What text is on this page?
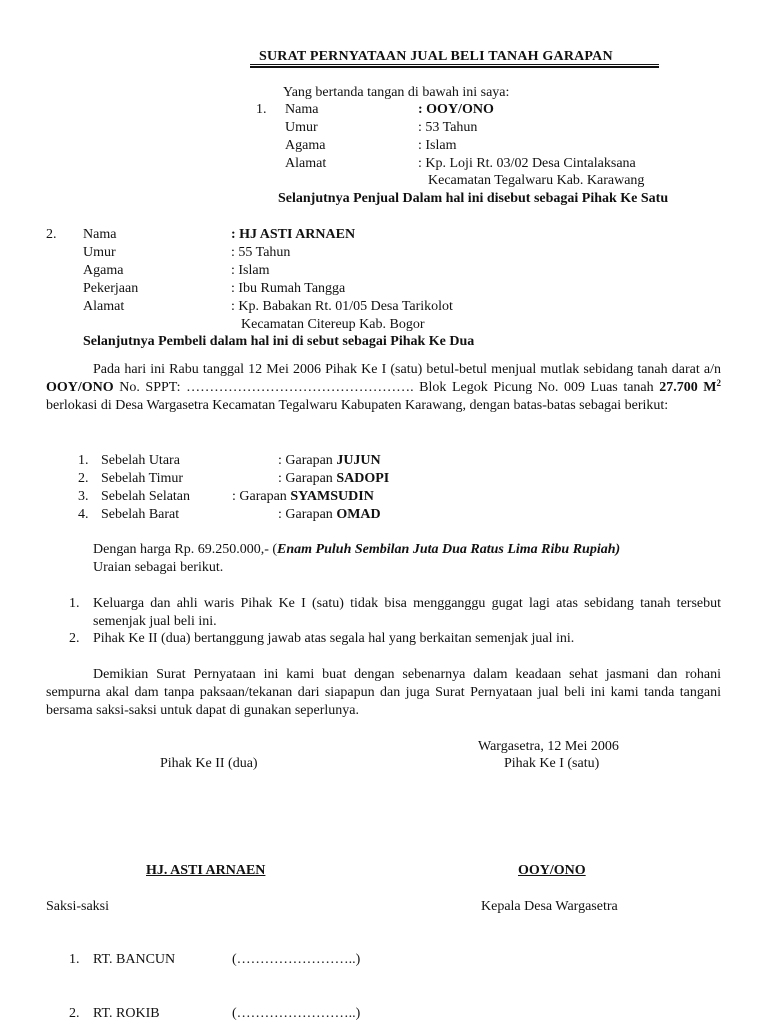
SURAT PERNYATAAN JUAL BELI TANAH GARAPAN
Yang bertanda tangan di bawah ini saya:
1. Nama	: OOY/ONO
Umur	: 53 Tahun
Agama	: Islam
Alamat	: Kp. Loji Rt. 03/02 Desa Cintalaksana
Kecamatan Tegalwaru Kab. Karawang
Selanjutnya Penjual Dalam hal ini disebut sebagai Pihak Ke Satu
2. Nama	: HJ ASTI ARNAEN
Umur	: 55 Tahun
Agama	: Islam
Pekerjaan	: Ibu Rumah Tangga
Alamat	: Kp. Babakan Rt. 01/05 Desa Tarikolot
Kecamatan Citereup Kab. Bogor
Selanjutnya Pembeli dalam hal ini di sebut sebagai Pihak Ke Dua
Pada hari ini Rabu tanggal 12 Mei 2006 Pihak Ke I (satu) betul-betul menjual mutlak sebidang tanah darat a/n OOY/ONO No. SPPT: …………………………………………. Blok Legok Picung No. 009 Luas tanah 27.700 $M^2$ berlokasi di Desa Wargasetra Kecamatan Tegalwaru Kabupaten Karawang, dengan batas-batas sebagai berikut:
1. Sebelah Utara	: Garapan JUJUN
2. Sebelah Timur	: Garapan SADOPI
3. Sebelah Selatan	: Garapan SYAMSUDIN
4. Sebelah Barat	: Garapan OMAD
Dengan harga Rp. 69.250.000,- (Enam Puluh Sembilan Juta Dua Ratus Lima Ribu Rupiah)
Uraian sebagai berikut.
1. Keluarga dan ahli waris Pihak Ke I (satu) tidak bisa mengganggu gugat lagi atas sebidang tanah tersebut semenjak jual beli ini.
2. Pihak Ke II (dua) bertanggung jawab atas segala hal yang berkaitan semenjak jual ini.
Demikian Surat Pernyataan ini kami buat dengan sebenarnya dalam keadaan sehat jasmani dan rohani sempurna akal dam tanpa paksaan/tekanan dari siapapun dan juga Surat Pernyataan jual beli ini kami tanda tangani bersama saksi-saksi untuk dapat di gunakan seperlunya.
Wargasetra, 12 Mei 2006
Pihak Ke II (dua)	Pihak Ke I (satu)
HJ. ASTI ARNAEN	OOY/ONO
Saksi-saksi	Kepala Desa Wargasetra
1. RT. BANCUN	(……………………..)
2. RT. ROKIB	(……………………..)
